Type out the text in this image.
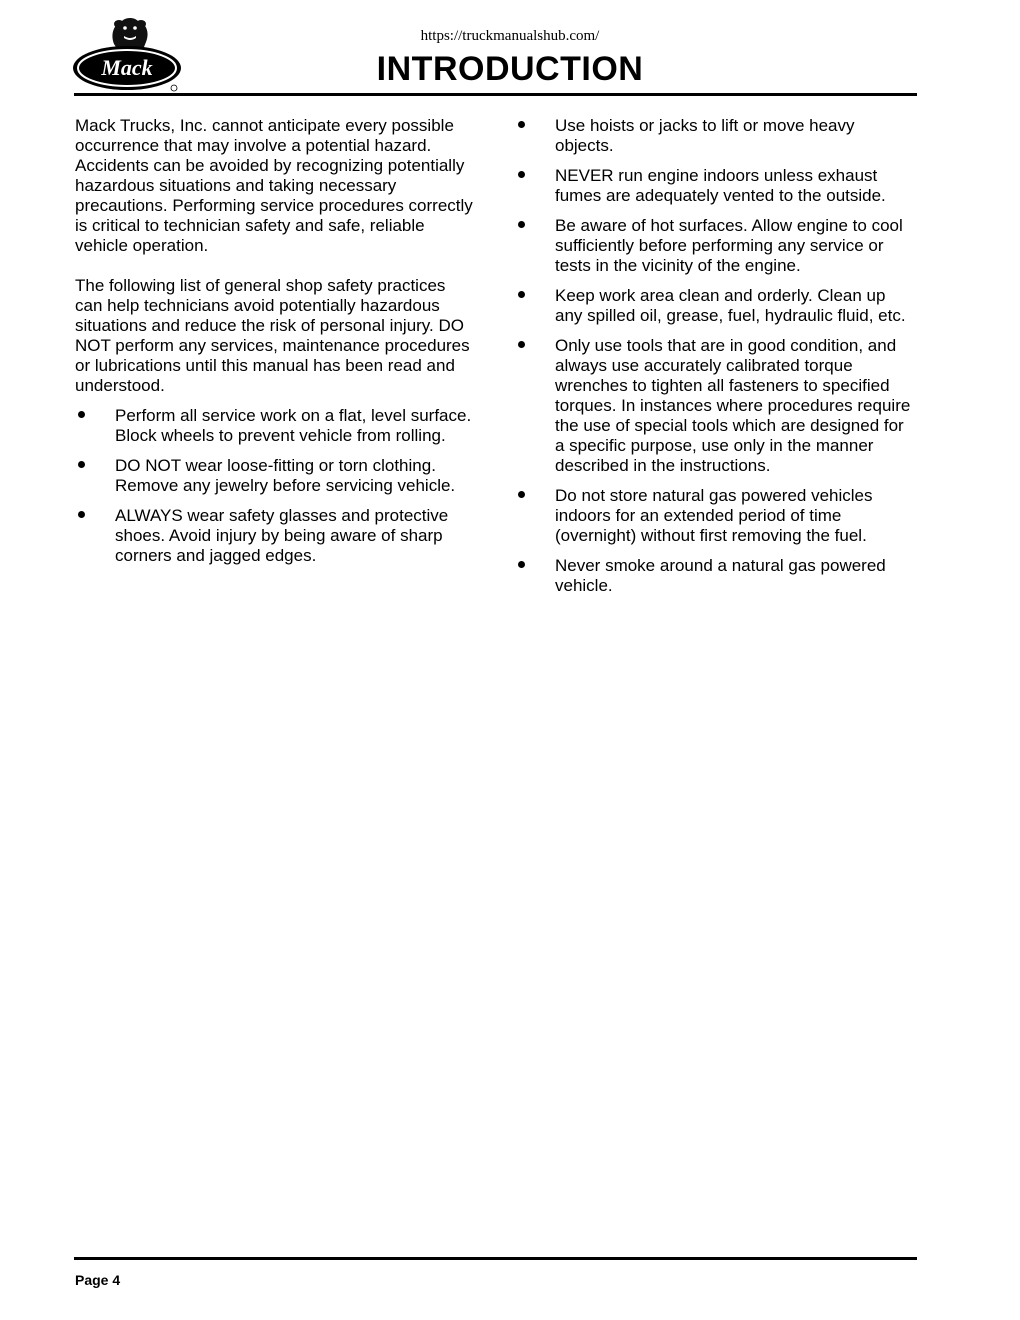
https://truckmanualshub.com/
Mack	INTRODUCTION

Mack Trucks, Inc. cannot anticipate every possible occurrence that may involve a potential hazard. Accidents can be avoided by recognizing potentially hazardous situations and taking necessary precautions. Performing service procedures correctly is critical to technician safety and safe, reliable vehicle operation.

The following list of general shop safety practices can help technicians avoid potentially hazardous situations and reduce the risk of personal injury. DO NOT perform any services, maintenance procedures or lubrications until this manual has been read and understood.

Perform all service work on a flat, level surface. Block wheels to prevent vehicle from rolling.
DO NOT wear loose-fitting or torn clothing. Remove any jewelry before servicing vehicle.
ALWAYS wear safety glasses and protective shoes. Avoid injury by being aware of sharp corners and jagged edges.
Use hoists or jacks to lift or move heavy objects.
NEVER run engine indoors unless exhaust fumes are adequately vented to the outside.
Be aware of hot surfaces. Allow engine to cool sufficiently before performing any service or tests in the vicinity of the engine.
Keep work area clean and orderly. Clean up any spilled oil, grease, fuel, hydraulic fluid, etc.
Only use tools that are in good condition, and always use accurately calibrated torque wrenches to tighten all fasteners to specified torques. In instances where procedures require the use of special tools which are designed for a specific purpose, use only in the manner described in the instructions.
Do not store natural gas powered vehicles indoors for an extended period of time (overnight) without first removing the fuel.
Never smoke around a natural gas powered vehicle.
Page 4
